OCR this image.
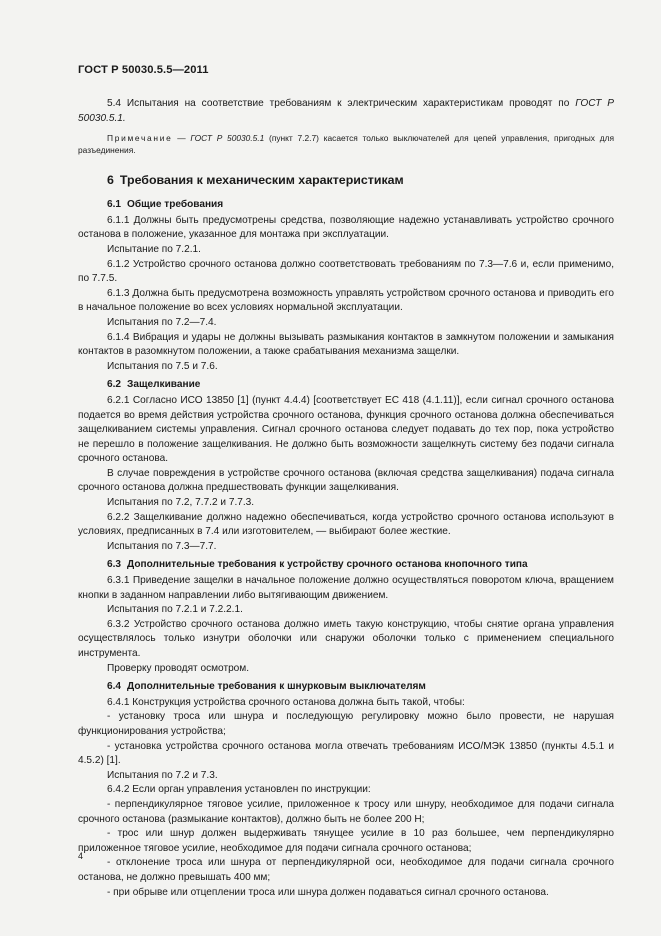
ГОСТ Р 50030.5.5—2011

5.4 Испытания на соответствие требованиям к электрическим характеристикам проводят по ГОСТ Р 50030.5.1.

Примечание — ГОСТ Р 50030.5.1 (пункт 7.2.7) касается только выключателей для цепей управления, пригодных для разъединения.

6 Требования к механическим характеристикам
6.1 Общие требования

6.1.1 Должны быть предусмотрены средства, позволяющие надежно устанавливать устройство срочного останова в положение, указанное для монтажа при эксплуатации.

Испытание по 7.2.1.

6.1.2 Устройство срочного останова должно соответствовать требованиям по 7.3—7.6 и, если применимо, по 7.7.5.

6.1.3 Должна быть предусмотрена возможность управлять устройством срочного останова и приводить его в начальное положение во всех условиях нормальной эксплуатации.

Испытания по 7.2—7.4.

6.1.4 Вибрация и удары не должны вызывать размыкания контактов в замкнутом положении и замыкания контактов в разомкнутом положении, а также срабатывания механизма защелки.

Испытания по 7.5 и 7.6.

6.2 Защелкивание

6.2.1 Согласно ИСО 13850 [1] (пункт 4.4.4) [соответствует ЕС 418 (4.1.11)], если сигнал срочного останова подается во время действия устройства срочного останова, функция срочного останова должна обеспечиваться защелкиванием системы управления. Сигнал срочного останова следует подавать до тех пор, пока устройство не перешло в положение защелкивания. Не должно быть возможности защелкнуть систему без подачи сигнала срочного останова.

В случае повреждения в устройстве срочного останова (включая средства защелкивания) подача сигнала срочного останова должна предшествовать функции защелкивания.

Испытания по 7.2, 7.7.2 и 7.7.3.

6.2.2 Защелкивание должно надежно обеспечиваться, когда устройство срочного останова используют в условиях, предписанных в 7.4 или изготовителем, — выбирают более жесткие.

Испытания по 7.3—7.7.

6.3 Дополнительные требования к устройству срочного останова кнопочного типа

6.3.1 Приведение защелки в начальное положение должно осуществляться поворотом ключа, вращением кнопки в заданном направлении либо вытягивающим движением.

Испытания по 7.2.1 и 7.2.2.1.

6.3.2 Устройство срочного останова должно иметь такую конструкцию, чтобы снятие органа управления осуществлялось только изнутри оболочки или снаружи оболочки только с применением специального инструмента.

Проверку проводят осмотром.

6.4 Дополнительные требования к шнурковым выключателям

6.4.1 Конструкция устройства срочного останова должна быть такой, чтобы:

- установку троса или шнура и последующую регулировку можно было провести, не нарушая функционирования устройства;

- установка устройства срочного останова могла отвечать требованиям ИСО/МЭК 13850 (пункты 4.5.1 и 4.5.2) [1].

Испытания по 7.2 и 7.3.

6.4.2 Если орган управления установлен по инструкции:

- перпендикулярное тяговое усилие, приложенное к тросу или шнуру, необходимое для подачи сигнала срочного останова (размыкание контактов), должно быть не более 200 Н;

- трос или шнур должен выдерживать тянущее усилие в 10 раз большее, чем перпендикулярно приложенное тяговое усилие, необходимое для подачи сигнала срочного останова;

- отклонение троса или шнура от перпендикулярной оси, необходимое для подачи сигнала срочного останова, не должно превышать 400 мм;

- при обрыве или отцеплении троса или шнура должен подаваться сигнал срочного останова.

4
